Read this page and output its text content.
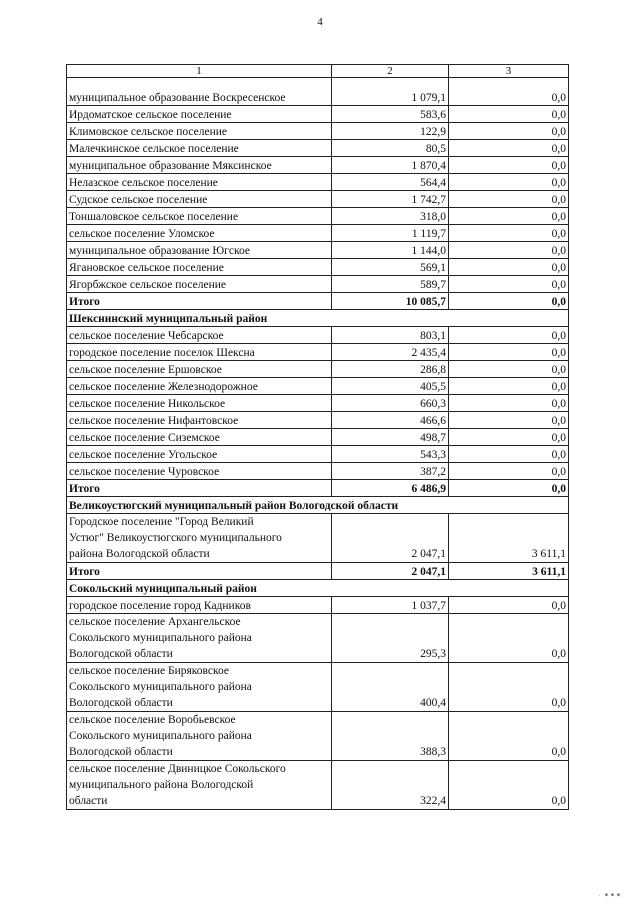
4
1	2	3

муниципальное образование Воскресенское	1 079,1	0,0
Ирдоматское сельское поселение	583,6	0,0
Климовское сельское поселение	122,9	0,0
Малечкинское сельское поселение	80,5	0,0
муниципальное образование Мяксинское	1 870,4	0,0
Нелазское сельское поселение	564,4	0,0
Судское сельское поселение	1 742,7	0,0
Тоншаловское сельское поселение	318,0	0,0
сельское поселение Уломское	1 119,7	0,0
муниципальное образование Югское	1 144,0	0,0
Ягановское сельское поселение	569,1	0,0
Ягорбжское сельское поселение	589,7	0,0
Итого	10 085,7	0,0
Шекснинский муниципальный район		
сельское поселение Чебсарское	803,1	0,0
городское поселение поселок Шексна	2 435,4	0,0
сельское поселение Ершовское	286,8	0,0
сельское поселение Железнодорожное	405,5	0,0
сельское поселение Никольское	660,3	0,0
сельское поселение Нифантовское	466,6	0,0
сельское поселение Сиземское	498,7	0,0
сельское поселение Угольское	543,3	0,0
сельское поселение Чуровское	387,2	0,0
Итого	6 486,9	0,0
Великоустюгский муниципальный район Вологодской области		

Городское поселение "Город Великий
Устюг" Великоустюгского муниципального
района Вологодской области	2 047,1	3 611,1
Итого	2 047,1	3 611,1
Сокольский муниципальный район		
городское поселение город Кадников	1 037,7	0,0

сельское поселение Архангельское
Сокольского муниципального района
Вологодской области	295,3	0,0

сельское поселение Биряковское
Сокольского муниципального района
Вологодской области	400,4	0,0

сельское поселение Воробьевское
Сокольского муниципального района
Вологодской области	388,3	0,0

сельское поселение Двиницкое Сокольского
муниципального района Вологодской
области	322,4	0,0
· ⁕⁕⁕
